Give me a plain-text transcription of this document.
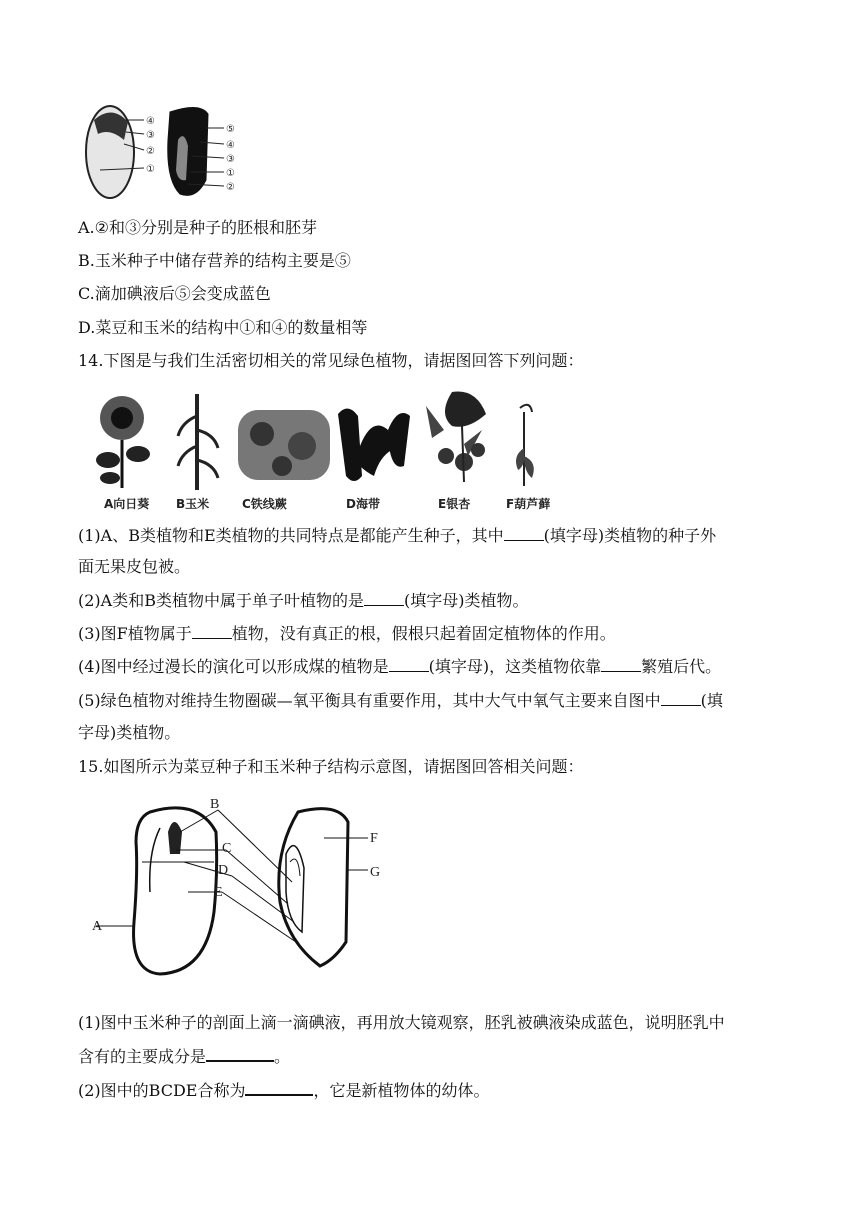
④
③
②
①
⑤
④
③
①
②
A.②和③分别是种子的胚根和胚芽
B.玉米种子中储存营养的结构主要是⑤
C.滴加碘液后⑤会变成蓝色
D.菜豆和玉米的结构中①和④的数量相等
14.下图是与我们生活密切相关的常见绿色植物，请据图回答下列问题：
A向日葵 B玉米	C铁线蕨	D海带	E银杏	F葫芦藓
(1)A、B类植物和E类植物的共同特点是都能产生种子，其中	(填字母)类植物的种子外
面无果皮包被。
(2)A类和B类植物中属于单子叶植物的是	(填字母)类植物。
(3)图F植物属于	植物，没有真正的根，假根只起着固定植物体的作用。
(4)图中经过漫长的演化可以形成煤的植物是	(填字母)，这类植物依靠	繁殖后代。
(5)绿色植物对维持生物圈碳—氧平衡具有重要作用，其中大气中氧气主要来自图中	(填
字母)类植物。
15.如图所示为菜豆种子和玉米种子结构示意图，请据图回答相关问题：
A
B
C
D
E
F
G
(1)图中玉米种子的剖面上滴一滴碘液，再用放大镜观察，胚乳被碘液染成蓝色，说明胚乳中
含有的主要成分是	。
(2)图中的BCDE合称为	，它是新植物体的幼体。
